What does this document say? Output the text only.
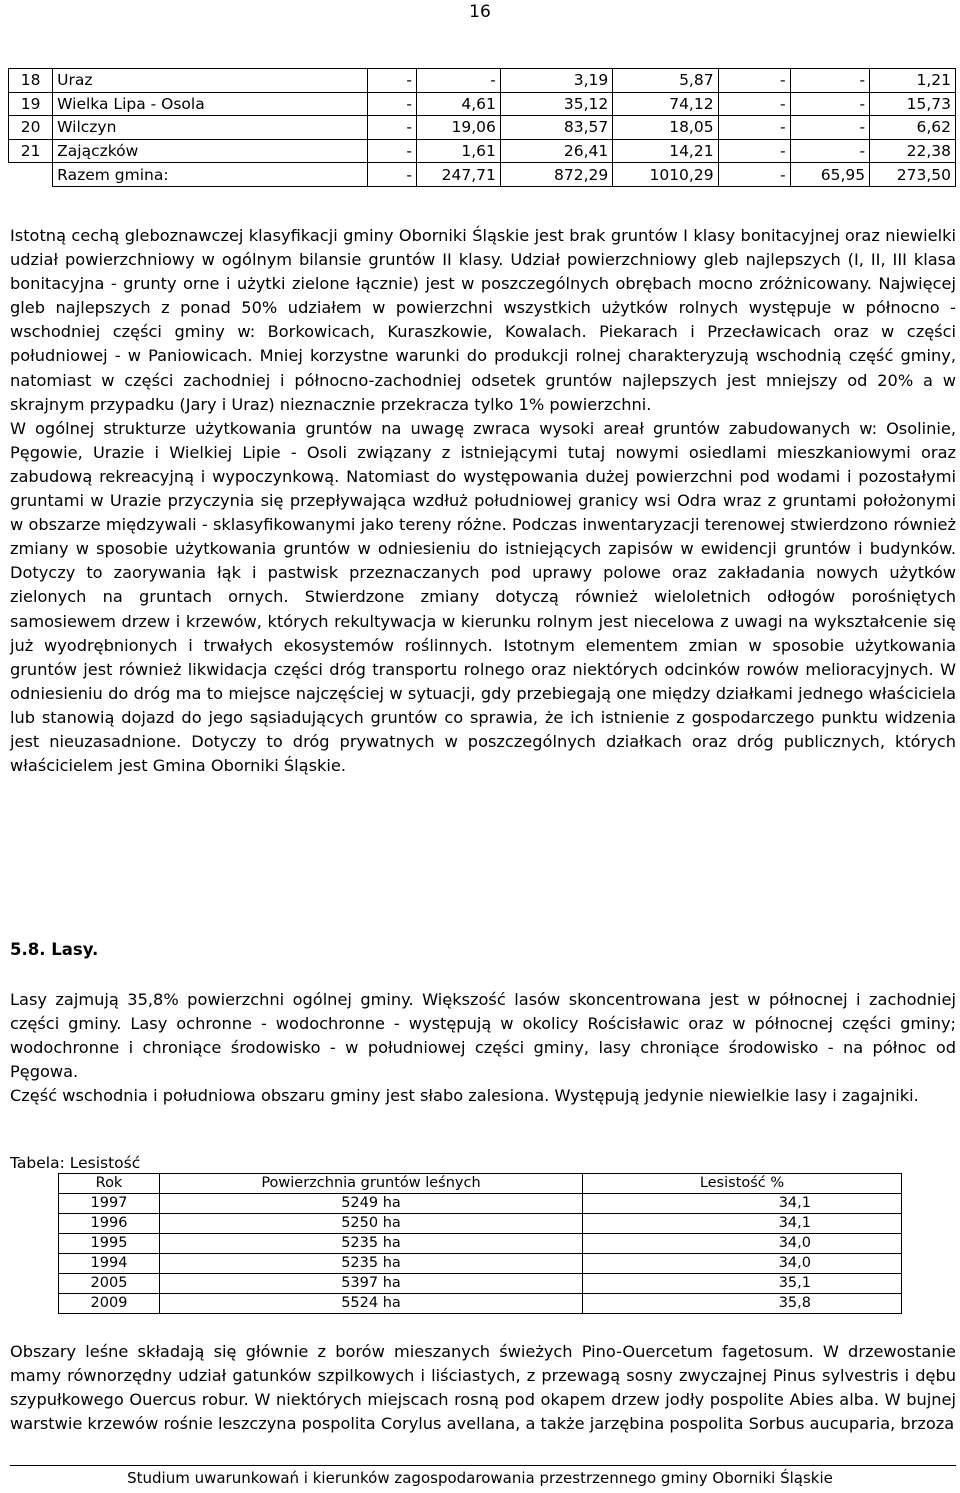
16
18	Uraz	-	-	3,19	5,87	-	-	1,21
19	Wielka Lipa - Osola	-	4,61	35,12	74,12	-	-	15,73
20	Wilczyn	-	19,06	83,57	18,05	-	-	6,62
21	Zajączków	-	1,61	26,41	14,21	-	-	22,38
	Razem gmina:	-	247,71	872,29	1010,29	-	65,95	273,50

Istotną cechą gleboznawczej klasyfikacji gminy Oborniki Śląskie jest brak gruntów I klasy bonitacyjnej oraz niewielki udział powierzchniowy w ogólnym bilansie gruntów II klasy. Udział powierzchniowy gleb najlepszych (I, II, III klasa bonitacyjna - grunty orne i użytki zielone łącznie) jest w poszczególnych obrębach mocno zróżnicowany. Najwięcej gleb najlepszych z ponad 50% udziałem w powierzchni wszystkich użytków rolnych występuje w północno - wschodniej części gminy w: Borkowicach, Kuraszkowie, Kowalach. Piekarach i Przecławicach oraz w części południowej - w Paniowicach. Mniej korzystne warunki do produkcji rolnej charakteryzują wschodnią część gminy, natomiast w części zachodniej i północno-zachodniej odsetek gruntów najlepszych jest mniejszy od 20% a w skrajnym przypadku (Jary i Uraz) nieznacznie przekracza tylko 1% powierzchni.

W ogólnej strukturze użytkowania gruntów na uwagę zwraca wysoki areał gruntów zabudowanych w: Osolinie, Pęgowie, Urazie i Wielkiej Lipie - Osoli związany z istniejącymi tutaj nowymi osiedlami mieszkaniowymi oraz zabudową rekreacyjną i wypoczynkową. Natomiast do występowania dużej powierzchni pod wodami i pozostałymi gruntami w Urazie przyczynia się przepływająca wzdłuż południowej granicy wsi Odra wraz z gruntami położonymi w obszarze międzywali - sklasyfikowanymi jako tereny różne. Podczas inwentaryzacji terenowej stwierdzono również zmiany w sposobie użytkowania gruntów w odniesieniu do istniejących zapisów w ewidencji gruntów i budynków. Dotyczy to zaorywania łąk i pastwisk przeznaczanych pod uprawy polowe oraz zakładania nowych użytków zielonych na gruntach ornych. Stwierdzone zmiany dotyczą również wieloletnich odłogów porośniętych samosiewem drzew i krzewów, których rekultywacja w kierunku rolnym jest niecelowa z uwagi na wykształcenie się już wyodrębnionych i trwałych ekosystemów roślinnych. Istotnym elementem zmian w sposobie użytkowania gruntów jest również likwidacja części dróg transportu rolnego oraz niektórych odcinków rowów melioracyjnych. W odniesieniu do dróg ma to miejsce najczęściej w sytuacji, gdy przebiegają one między działkami jednego właściciela lub stanowią dojazd do jego sąsiadujących gruntów co sprawia, że ich istnienie z gospodarczego punktu widzenia jest nieuzasadnione. Dotyczy to dróg prywatnych w poszczególnych działkach oraz dróg publicznych, których właścicielem jest Gmina Oborniki Śląskie.

5.8. Lasy.

Lasy zajmują 35,8% powierzchni ogólnej gminy. Większość lasów skoncentrowana jest w północnej i zachodniej części gminy. Lasy ochronne - wodochronne - występują w okolicy Rościsławic oraz w północnej części gminy; wodochronne i chroniące środowisko - w południowej części gminy, lasy chroniące środowisko - na północ od Pęgowa.

Część wschodnia i południowa obszaru gminy jest słabo zalesiona. Występują jedynie niewielkie lasy i zagajniki.

Tabela: Lesistość
Rok	Powierzchnia gruntów leśnych	Lesistość %
1997	5249 ha	34,1
1996	5250 ha	34,1
1995	5235 ha	34,0
1994	5235 ha	34,0
2005	5397 ha	35,1
2009	5524 ha	35,8

Obszary leśne składają się głównie z borów mieszanych świeżych Pino-Ouercetum fagetosum. W drzewostanie mamy równorzędny udział gatunków szpilkowych i liściastych, z przewagą sosny zwyczajnej Pinus sylvestris i dębu szypułkowego Ouercus robur. W niektórych miejscach rosną pod okapem drzew jodły pospolite Abies alba. W bujnej warstwie krzewów rośnie leszczyna pospolita Corylus avellana, a także jarzębina pospolita Sorbus aucuparia, brzoza

Studium uwarunkowań i kierunków zagospodarowania przestrzennego gminy Oborniki Śląskie
